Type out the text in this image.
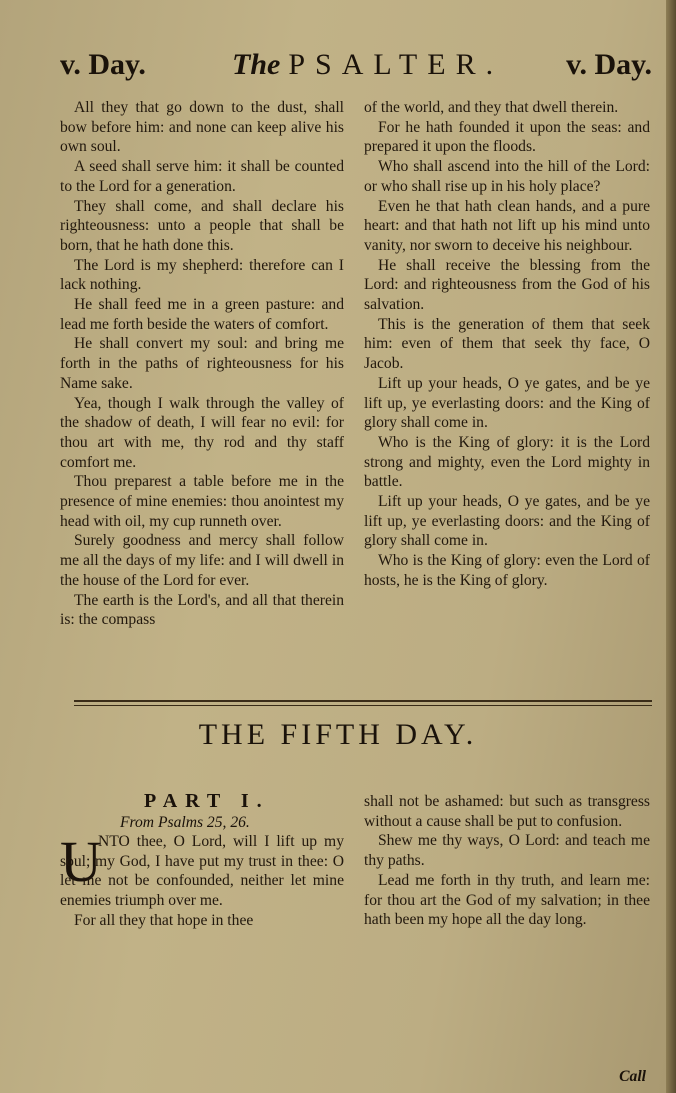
v. Day.	The PSALTER.	v. Day.

All they that go down to the dust, shall bow before him: and none can keep alive his own soul.

A seed shall serve him: it shall be counted to the Lord for a generation.

They shall come, and shall declare his righteousness: unto a people that shall be born, that he hath done this.

The Lord is my shepherd: therefore can I lack nothing.

He shall feed me in a green pasture: and lead me forth beside the waters of comfort.

He shall convert my soul: and bring me forth in the paths of righteousness for his Name sake.

Yea, though I walk through the valley of the shadow of death, I will fear no evil: for thou art with me, thy rod and thy staff comfort me.

Thou preparest a table before me in the presence of mine enemies: thou anointest my head with oil, my cup runneth over.

Surely goodness and mercy shall follow me all the days of my life: and I will dwell in the house of the Lord for ever.

The earth is the Lord's, and all that therein is: the compass

of the world, and they that dwell therein.

For he hath founded it upon the seas: and prepared it upon the floods.

Who shall ascend into the hill of the Lord: or who shall rise up in his holy place?

Even he that hath clean hands, and a pure heart: and that hath not lift up his mind unto vanity, nor sworn to deceive his neighbour.

He shall receive the blessing from the Lord: and righteousness from the God of his salvation.

This is the generation of them that seek him: even of them that seek thy face, O Jacob.

Lift up your heads, O ye gates, and be ye lift up, ye everlasting doors: and the King of glory shall come in.

Who is the King of glory: it is the Lord strong and mighty, even the Lord mighty in battle.

Lift up your heads, O ye gates, and be ye lift up, ye everlasting doors: and the King of glory shall come in.

Who is the King of glory: even the Lord of hosts, he is the King of glory.

THE FIFTH DAY.
PART I.
From Psalms 25, 26.
U

NTO thee, O Lord, will I lift up my soul; my God, I have put my trust in thee: O let me not be confounded, neither let mine enemies triumph over me.

For all they that hope in thee

shall not be ashamed: but such as transgress without a cause shall be put to confusion.

Shew me thy ways, O Lord: and teach me thy paths.

Lead me forth in thy truth, and learn me: for thou art the God of my salvation; in thee hath been my hope all the day long.

Call
